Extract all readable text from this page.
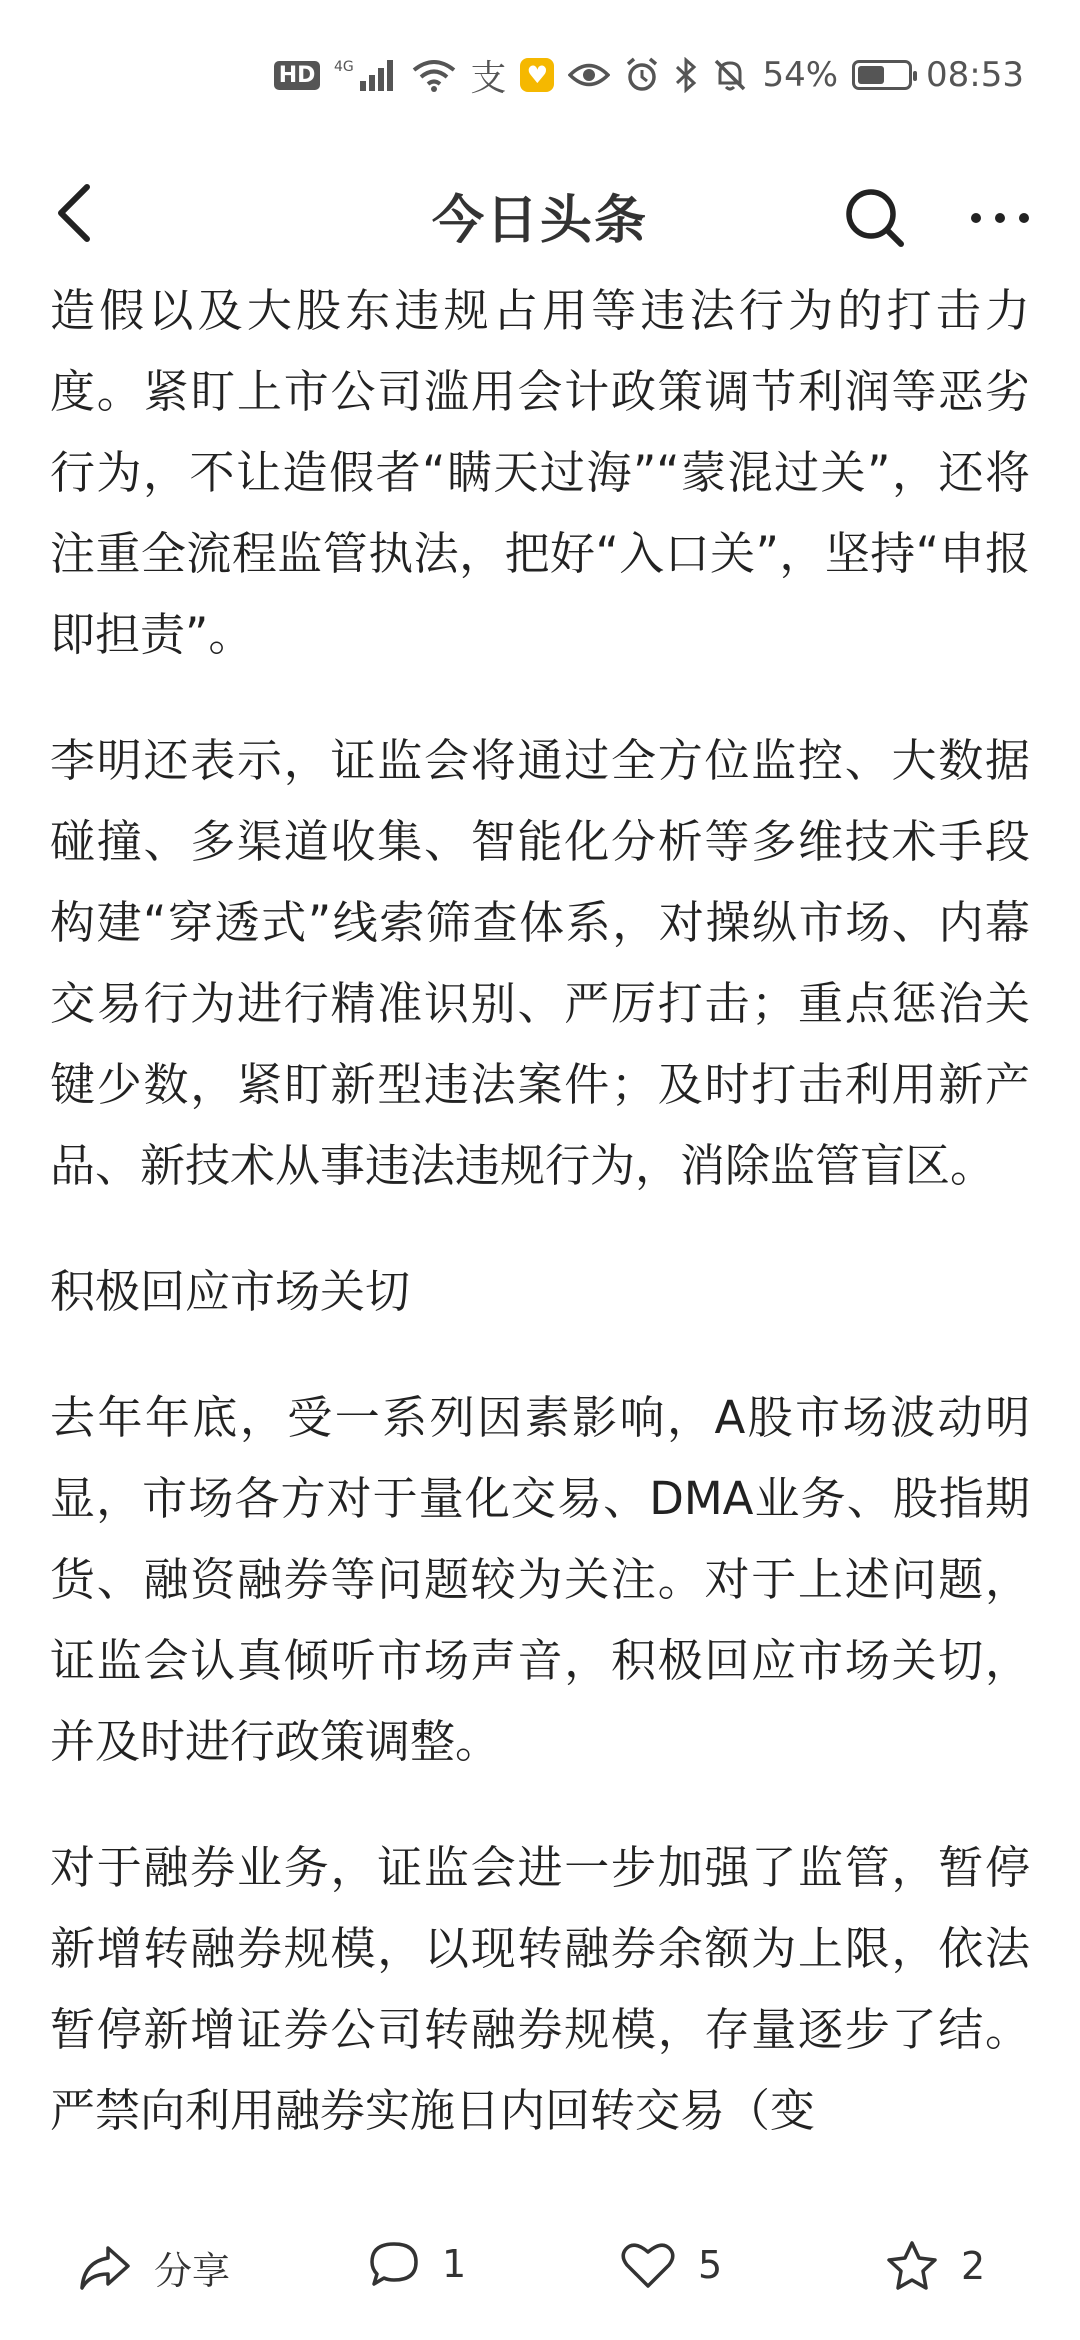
HD	4G	支 ♥	54%	08:53
今日头条

造假以及大股东违规占用等违法行为的打击力度。紧盯上市公司滥用会计政策调节利润等恶劣行为，不让造假者“瞒天过海”“蒙混过关”，还将注重全流程监管执法，把好“入口关”，坚持“申报即担责”。

李明还表示，证监会将通过全方位监控、大数据碰撞、多渠道收集、智能化分析等多维技术手段构建“穿透式”线索筛查体系，对操纵市场、内幕交易行为进行精准识别、严厉打击；重点惩治关键少数，紧盯新型违法案件；及时打击利用新产品、新技术从事违法违规行为，消除监管盲区。

积极回应市场关切

去年年底，受一系列因素影响，A股市场波动明显，市场各方对于量化交易、DMA业务、股指期货、融资融券等问题较为关注。对于上述问题，证监会认真倾听市场声音，积极回应市场关切，并及时进行政策调整。

对于融券业务，证监会进一步加强了监管，暂停新增转融券规模，以现转融券余额为上限，依法暂停新增证券公司转融券规模，存量逐步了结。严禁向利用融券实施日内回转交易（变

分享	1	5	2
